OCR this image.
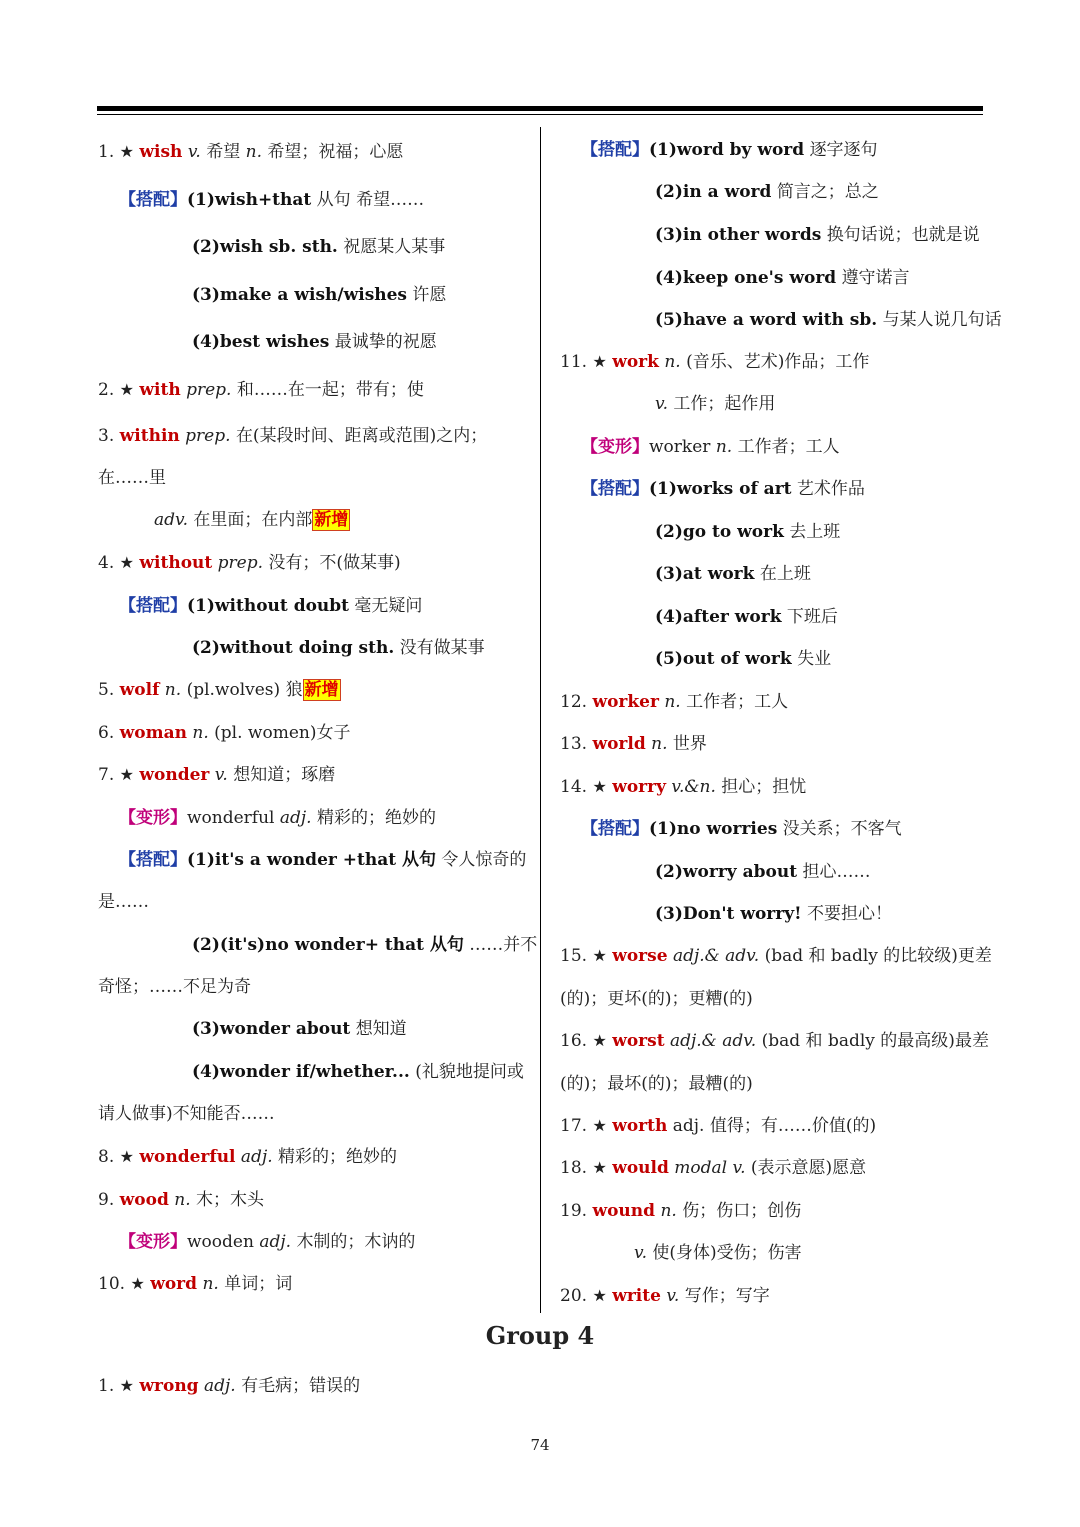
1. ★ wish v. 希望 n. 希望；祝福；心愿
【搭配】(1)wish+that 从句 希望……
(2)wish sb. sth. 祝愿某人某事
(3)make a wish/wishes 许愿
(4)best wishes 最诚挚的祝愿
2. ★ with prep. 和……在一起；带有；使
3. within prep. 在(某段时间、距离或范围)之内；
在……里
adv. 在里面；在内部 新增
4. ★ without prep. 没有；不(做某事)
【搭配】(1)without doubt 毫无疑问
(2)without doing sth. 没有做某事
5. wolf n. (pl.wolves) 狼 新增
6. woman n. (pl. women)女子
7. ★ wonder v. 想知道；琢磨
【变形】wonderful adj. 精彩的；绝妙的
【搭配】(1)it's a wonder +that 从句 令人惊奇的
是……
(2)(it's)no wonder+ that 从句 ……并不
奇怪；……不足为奇
(3)wonder about 想知道
(4)wonder if/whether... (礼貌地提问或
请人做事)不知能否……
8. ★ wonderful adj. 精彩的；绝妙的
9. wood n. 木；木头
【变形】wooden adj. 木制的；木讷的
10. ★ word n. 单词；词
【搭配】(1)word by word 逐字逐句
(2)in a word 简言之；总之
(3)in other words 换句话说；也就是说
(4)keep one's word 遵守诺言
(5)have a word with sb. 与某人说几句话
11. ★ work n. (音乐、艺术)作品；工作
v. 工作；起作用
【变形】worker n. 工作者；工人
【搭配】(1)works of art 艺术作品
(2)go to work 去上班
(3)at work 在上班
(4)after work 下班后
(5)out of work 失业
12. worker n. 工作者；工人
13. world n. 世界
14. ★ worry v.&n. 担心；担忧
【搭配】(1)no worries 没关系；不客气
(2)worry about 担心……
(3)Don't worry! 不要担心！
15. ★ worse adj.& adv. (bad 和 badly 的比较级)更差
(的)；更坏(的)；更糟(的)
16. ★ worst adj.& adv. (bad 和 badly 的最高级)最差
(的)；最坏(的)；最糟(的)
17. ★ worth adj. 值得；有……价值(的)
18. ★ would modal v. (表示意愿)愿意
19. wound n. 伤；伤口；创伤
v. 使(身体)受伤；伤害
20. ★ write v. 写作；写字
Group 4
1. ★ wrong adj. 有毛病；错误的
74
